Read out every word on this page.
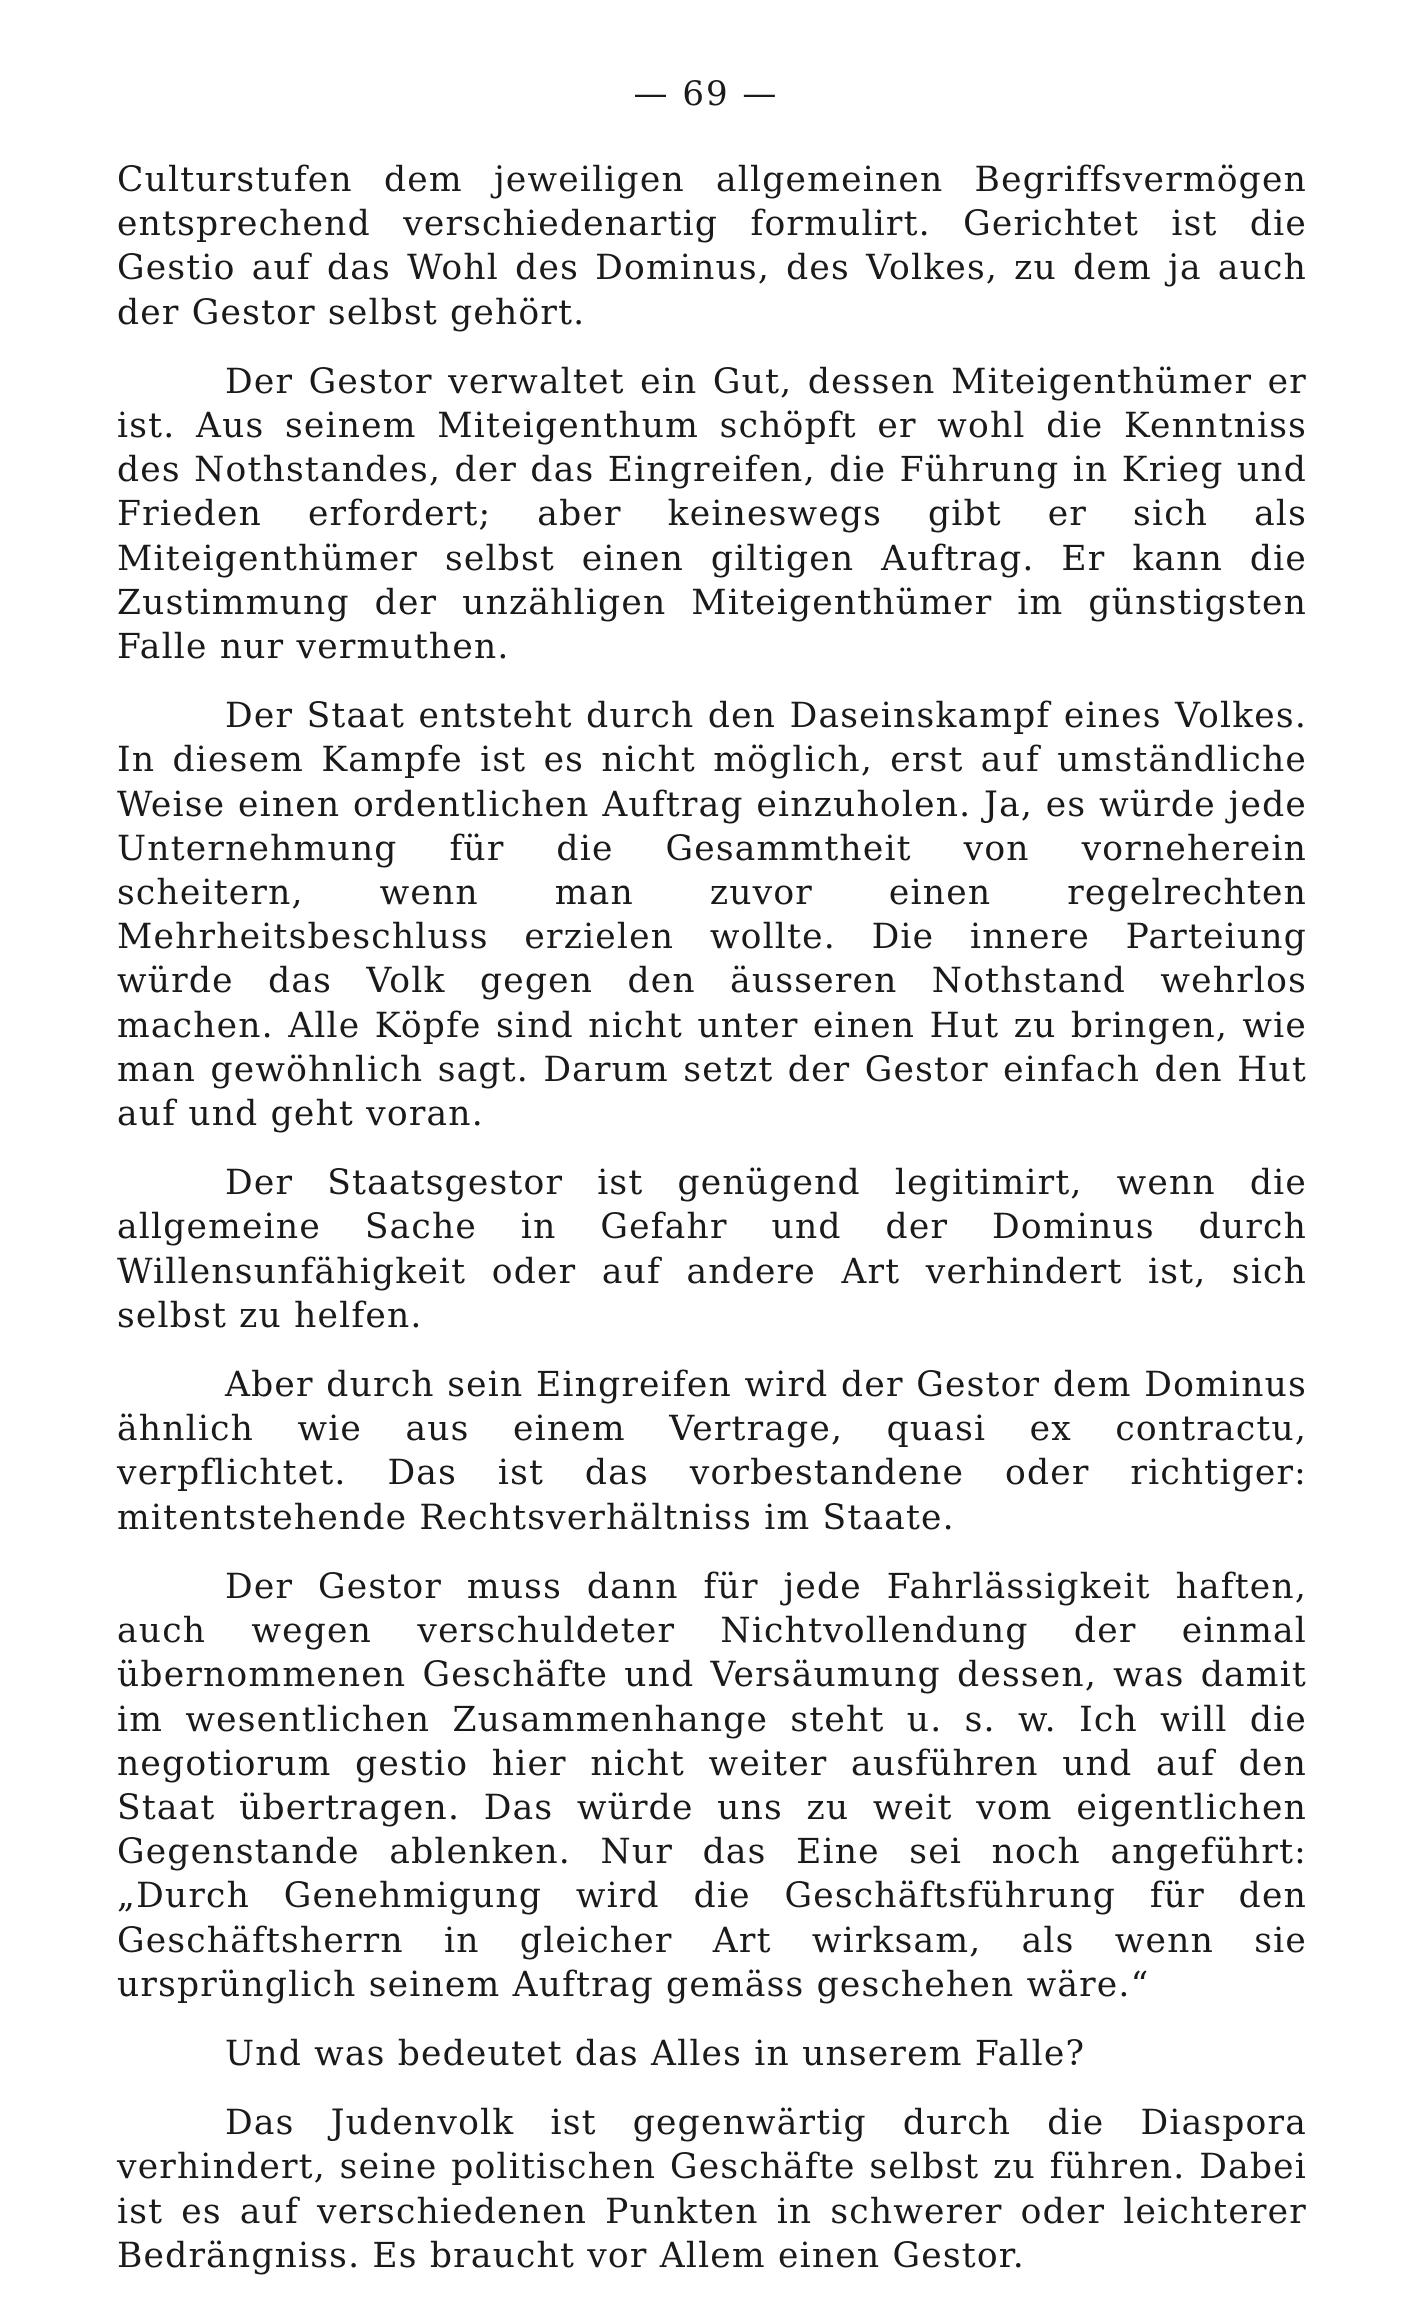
— 69 —

Culturstufen dem jeweiligen allgemeinen Begriffsvermögen entsprechend verschiedenartig formulirt. Gerichtet ist die Gestio auf das Wohl des Dominus, des Volkes, zu dem ja auch der Gestor selbst gehört.

Der Gestor verwaltet ein Gut, dessen Miteigenthümer er ist. Aus seinem Miteigenthum schöpft er wohl die Kenntniss des Nothstandes, der das Eingreifen, die Führung in Krieg und Frieden erfordert; aber keineswegs gibt er sich als Miteigenthümer selbst einen giltigen Auftrag. Er kann die Zustimmung der unzähligen Miteigenthümer im günstigsten Falle nur vermuthen.

Der Staat entsteht durch den Daseinskampf eines Volkes. In diesem Kampfe ist es nicht möglich, erst auf umständliche Weise einen ordentlichen Auftrag einzuholen. Ja, es würde jede Unternehmung für die Gesammtheit von vorneherein scheitern, wenn man zuvor einen regelrechten Mehrheitsbeschluss erzielen wollte. Die innere Parteiung würde das Volk gegen den äusseren Nothstand wehrlos machen. Alle Köpfe sind nicht unter einen Hut zu bringen, wie man gewöhnlich sagt. Darum setzt der Gestor einfach den Hut auf und geht voran.

Der Staatsgestor ist genügend legitimirt, wenn die allgemeine Sache in Gefahr und der Dominus durch Willensunfähigkeit oder auf andere Art verhindert ist, sich selbst zu helfen.

Aber durch sein Eingreifen wird der Gestor dem Dominus ähnlich wie aus einem Vertrage, quasi ex contractu, verpflichtet. Das ist das vorbestandene oder richtiger: mitentstehende Rechtsverhältniss im Staate.

Der Gestor muss dann für jede Fahrlässigkeit haften, auch wegen verschuldeter Nichtvollendung der einmal übernommenen Geschäfte und Versäumung dessen, was damit im wesentlichen Zusammenhange steht u. s. w. Ich will die negotiorum gestio hier nicht weiter ausführen und auf den Staat übertragen. Das würde uns zu weit vom eigentlichen Gegenstande ablenken. Nur das Eine sei noch angeführt: „Durch Genehmigung wird die Geschäftsführung für den Geschäftsherrn in gleicher Art wirksam, als wenn sie ursprünglich seinem Auftrag gemäss geschehen wäre.“

Und was bedeutet das Alles in unserem Falle?

Das Judenvolk ist gegenwärtig durch die Diaspora verhindert, seine politischen Geschäfte selbst zu führen. Dabei ist es auf verschiedenen Punkten in schwerer oder leichterer Bedrängniss. Es braucht vor Allem einen Gestor.
